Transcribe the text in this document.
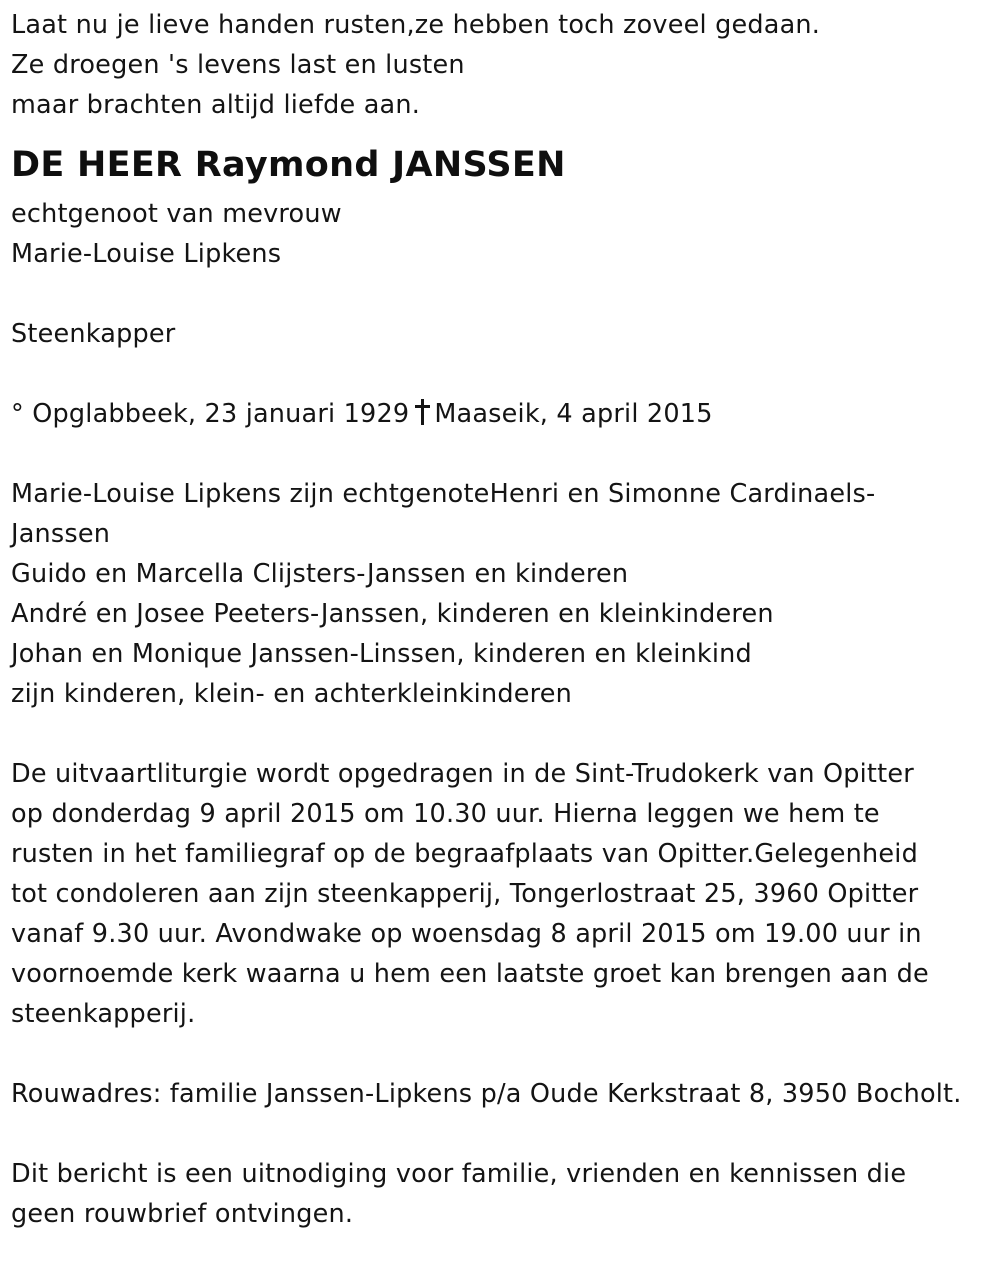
Laat nu je lieve handen rusten,ze hebben toch zoveel gedaan.
Ze droegen 's levens last en lusten
maar brachten altijd liefde aan.
DE HEER Raymond JANSSEN
echtgenoot van mevrouw
Marie-Louise Lipkens
Steenkapper
° Opglabbeek, 23 januari 1929 Maaseik, 4 april 2015
Marie-Louise Lipkens zijn echtgenoteHenri en Simonne Cardinaels-
Janssen
Guido en Marcella Clijsters-Janssen en kinderen
André en Josee Peeters-Janssen, kinderen en kleinkinderen
Johan en Monique Janssen-Linssen, kinderen en kleinkind
zijn kinderen, klein- en achterkleinkinderen
De uitvaartliturgie wordt opgedragen in de Sint-Trudokerk van Opitter
op donderdag 9 april 2015 om 10.30 uur. Hierna leggen we hem te
rusten in het familiegraf op de begraafplaats van Opitter.Gelegenheid
tot condoleren aan zijn steenkapperij, Tongerlostraat 25, 3960 Opitter
vanaf 9.30 uur. Avondwake op woensdag 8 april 2015 om 19.00 uur in
voornoemde kerk waarna u hem een laatste groet kan brengen aan de
steenkapperij.
Rouwadres: familie Janssen-Lipkens p/a Oude Kerkstraat 8, 3950 Bocholt.
Dit bericht is een uitnodiging voor familie, vrienden en kennissen die
geen rouwbrief ontvingen.
